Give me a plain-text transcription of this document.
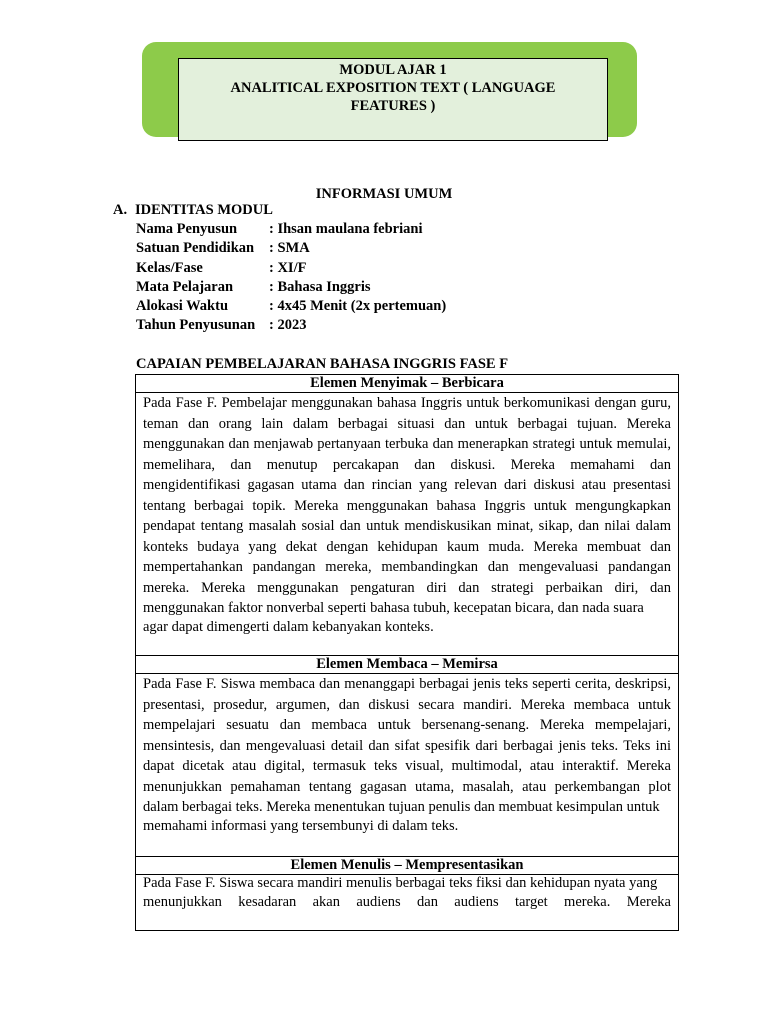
MODUL AJAR 1
ANALITICAL EXPOSITION TEXT ( LANGUAGE
FEATURES )
INFORMASI UMUM
A. IDENTITAS MODUL
Nama Penyusun : Ihsan maulana febriani
Satuan Pendidikan : SMA
Kelas/Fase	: XI/F
Mata Pelajaran : Bahasa Inggris
Alokasi Waktu	: 4x45 Menit (2x pertemuan)
Tahun Penyusunan : 2023
CAPAIAN PEMBELAJARAN BAHASA INGGRIS FASE F
Elemen Menyimak – Berbicara
Pada Fase F. Pembelajar menggunakan bahasa Inggris untuk berkomunikasi dengan guru, teman dan orang lain dalam berbagai situasi dan untuk berbagai tujuan. Mereka menggunakan dan menjawab pertanyaan terbuka dan menerapkan strategi untuk memulai, memelihara, dan menutup percakapan dan diskusi. Mereka memahami dan mengidentifikasi gagasan utama dan rincian yang relevan dari diskusi atau presentasi tentang berbagai topik. Mereka menggunakan bahasa Inggris untuk mengungkapkan pendapat tentang masalah sosial dan untuk mendiskusikan minat, sikap, dan nilai dalam konteks budaya yang dekat dengan kehidupan kaum muda. Mereka membuat dan mempertahankan pandangan mereka, membandingkan dan mengevaluasi pandangan mereka. Mereka menggunakan pengaturan diri dan strategi perbaikan diri, dan menggunakan faktor nonverbal seperti bahasa tubuh, kecepatan bicara, dan nada suara
agar dapat dimengerti dalam kebanyakan konteks.
Elemen Membaca – Memirsa
Pada Fase F. Siswa membaca dan menanggapi berbagai jenis teks seperti cerita, deskripsi, presentasi, prosedur, argumen, dan diskusi secara mandiri. Mereka membaca untuk mempelajari sesuatu dan membaca untuk bersenang-senang. Mereka mempelajari, mensintesis, dan mengevaluasi detail dan sifat spesifik dari berbagai jenis teks. Teks ini dapat dicetak atau digital, termasuk teks visual, multimodal, atau interaktif. Mereka menunjukkan pemahaman tentang gagasan utama, masalah, atau perkembangan plot dalam berbagai teks. Mereka menentukan tujuan penulis dan membuat kesimpulan untuk
memahami informasi yang tersembunyi di dalam teks.
Elemen Menulis – Mempresentasikan
Pada Fase F. Siswa secara mandiri menulis berbagai teks fiksi dan kehidupan nyata yang
menunjukkan kesadaran akan audiens dan audiens target mereka. Mereka
